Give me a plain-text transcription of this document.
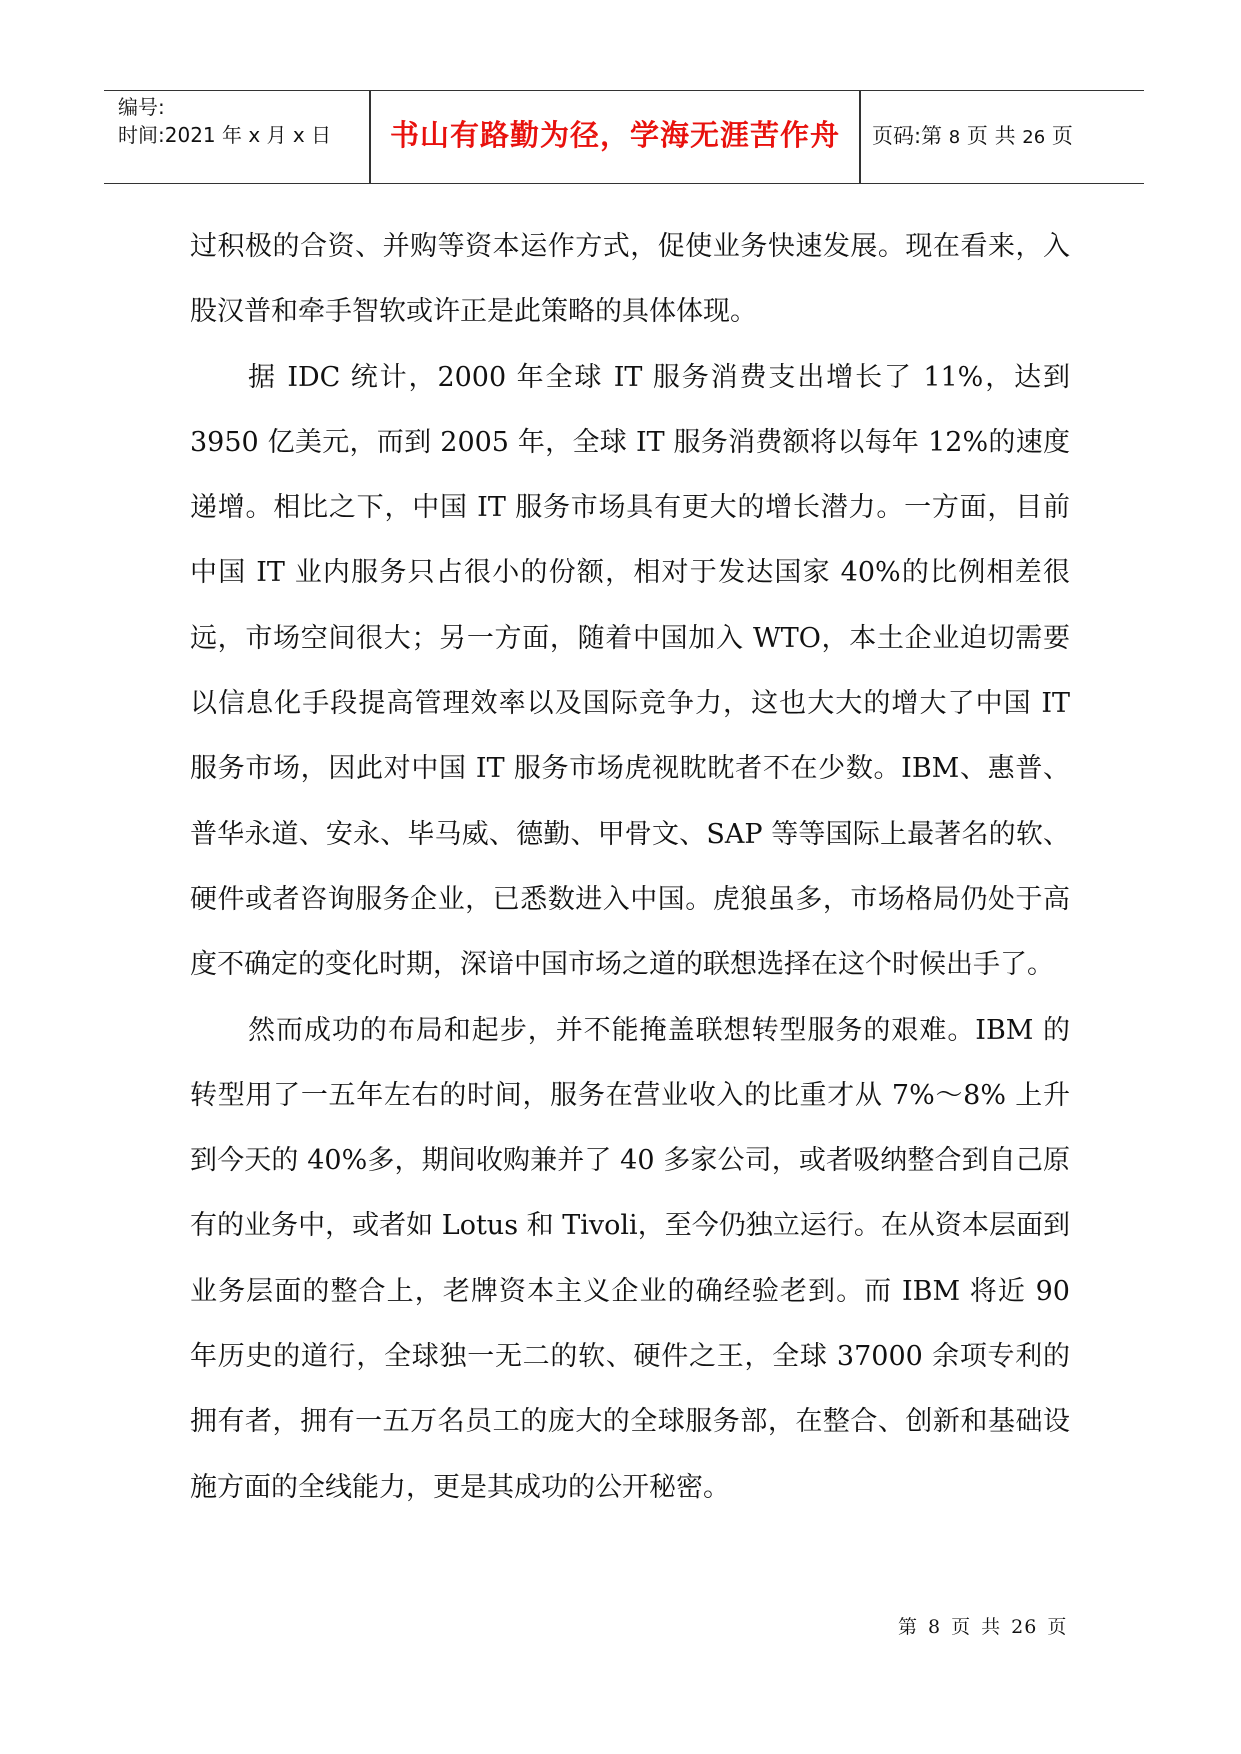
编号:
时间:2021 年 x 月 x 日	书山有路勤为径，学海无涯苦作舟	页码:第 8 页 共 26 页

过积极的合资、并购等资本运作方式，促使业务快速发展。现在看来，入股汉普和牵手智软或许正是此策略的具体体现。

据 IDC 统计，2000 年全球 IT 服务消费支出增长了 11%，达到 3950 亿美元，而到 2005 年，全球 IT 服务消费额将以每年 12%的速度递增。相比之下，中国 IT 服务市场具有更大的增长潜力。一方面，目前中国 IT 业内服务只占很小的份额，相对于发达国家 40%的比例相差很远，市场空间很大；另一方面，随着中国加入 WTO，本土企业迫切需要以信息化手段提高管理效率以及国际竞争力，这也大大的增大了中国 IT 服务市场，因此对中国 IT 服务市场虎视眈眈者不在少数。IBM、惠普、普华永道、安永、毕马威、德勤、甲骨文、SAP 等等国际上最著名的软、硬件或者咨询服务企业，已悉数进入中国。虎狼虽多，市场格局仍处于高度不确定的变化时期，深谙中国市场之道的联想选择在这个时候出手了。

然而成功的布局和起步，并不能掩盖联想转型服务的艰难。IBM 的转型用了一五年左右的时间，服务在营业收入的比重才从 7%～8% 上升到今天的 40%多，期间收购兼并了 40 多家公司，或者吸纳整合到自己原有的业务中，或者如 Lotus 和 Tivoli，至今仍独立运行。在从资本层面到业务层面的整合上，老牌资本主义企业的确经验老到。而 IBM 将近 90 年历史的道行，全球独一无二的软、硬件之王，全球 37000 余项专利的拥有者，拥有一五万名员工的庞大的全球服务部，在整合、创新和基础设施方面的全线能力，更是其成功的公开秘密。

第 8 页 共 26 页
